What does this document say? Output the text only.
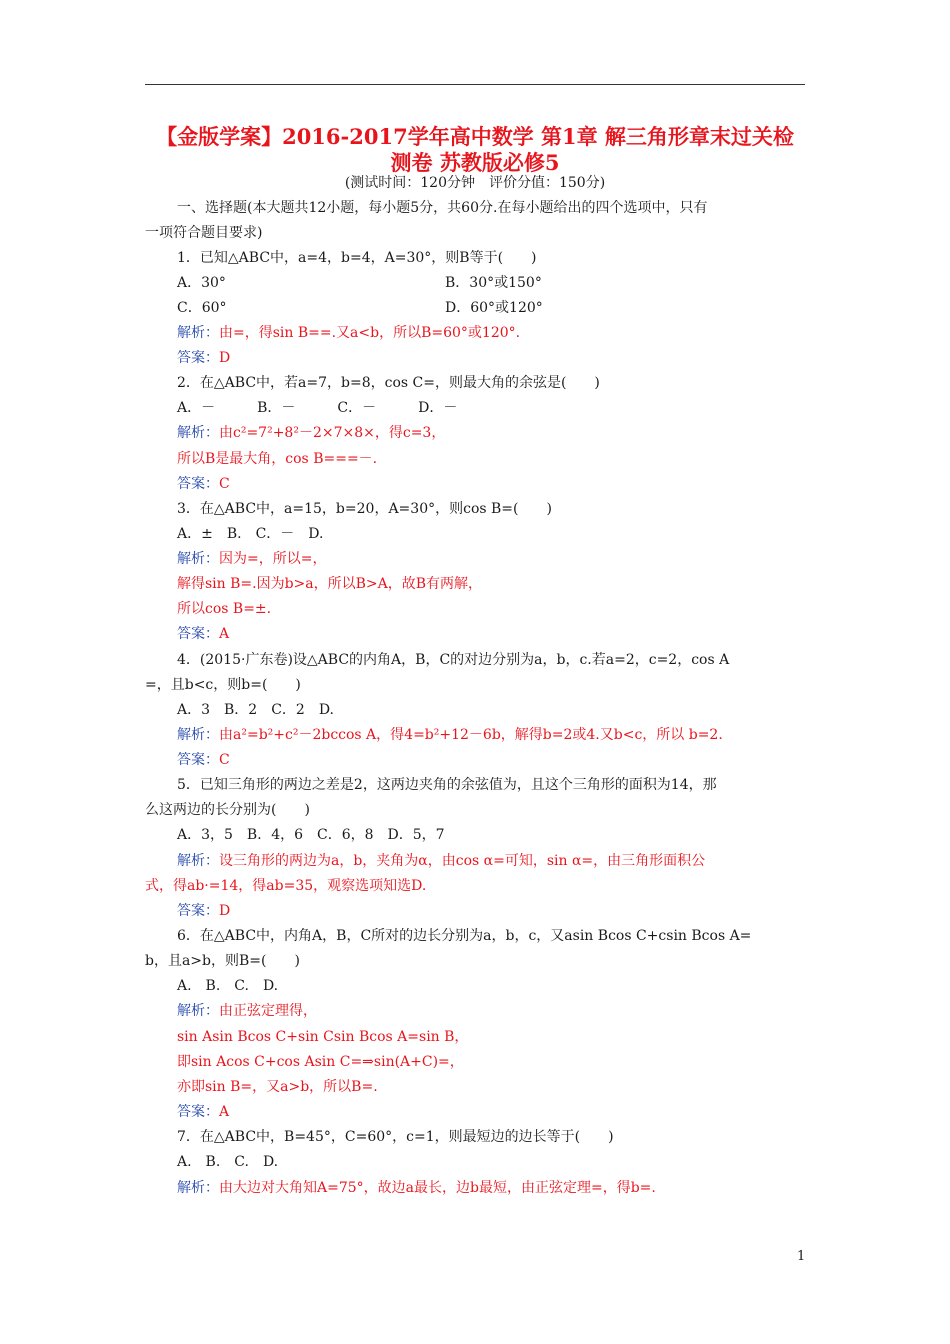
【金版学案】2016-2017学年高中数学 第1章 解三角形章末过关检
测卷 苏教版必修5
(测试时间：120分钟　评价分值：150分)
一、选择题(本大题共12小题，每小题5分，共60分.在每小题给出的四个选项中，只有
一项符合题目要求)
1．已知△ABC中，a=4，b=4，A=30°，则B等于(　　)
A．30°	B．30°或150°
C．60°	D．60°或120°
解析：由=，得sin B==.又a<b，所以B=60°或120°.
答案：D
2．在△ABC中，若a=7，b=8，cos C=，则最大角的余弦是(　　)
A．－　　　B．－　　　C．－　　　D．－
解析：由c²=7²+8²－2×7×8×，得c=3，
所以B是最大角，cos B===－.
答案：C
3．在△ABC中，a=15，b=20，A=30°，则cos B=(　　)
A．±　B.　C．－　D.
解析：因为=，所以=，
解得sin B=.因为b>a，所以B>A，故B有两解，
所以cos B=±.
答案：A
4．(2015·广东卷)设△ABC的内角A，B，C的对边分别为a，b，c.若a=2，c=2，cos A
=，且b<c，则b=(　　)
A．3　B．2　C．2　D.
解析：由a²=b²+c²－2bccos A，得4=b²+12－6b，解得b=2或4.又b<c，所以 b=2.
答案：C
5．已知三角形的两边之差是2，这两边夹角的余弦值为，且这个三角形的面积为14，那
么这两边的长分别为(　　)
A．3，5　B．4，6　C．6，8　D．5，7
解析：设三角形的两边为a，b，夹角为α，由cos α=可知，sin α=，由三角形面积公
式，得ab·=14，得ab=35，观察选项知选D.
答案：D
6．在△ABC中，内角A，B，C所对的边长分别为a，b，c，又asin Bcos C+csin Bcos A=
b，且a>b，则B=(　　)
A.　B.　C.　D.
解析：由正弦定理得，
sin Asin Bcos C+sin Csin Bcos A=sin B，
即sin Acos C+cos Asin C=⇒sin(A+C)=，
亦即sin B=，又a>b，所以B=.
答案：A
7．在△ABC中，B=45°，C=60°，c=1，则最短边的边长等于(　　)
A.　B.　C.　D.
解析：由大边对大角知A=75°，故边a最长，边b最短，由正弦定理=，得b=.
1
